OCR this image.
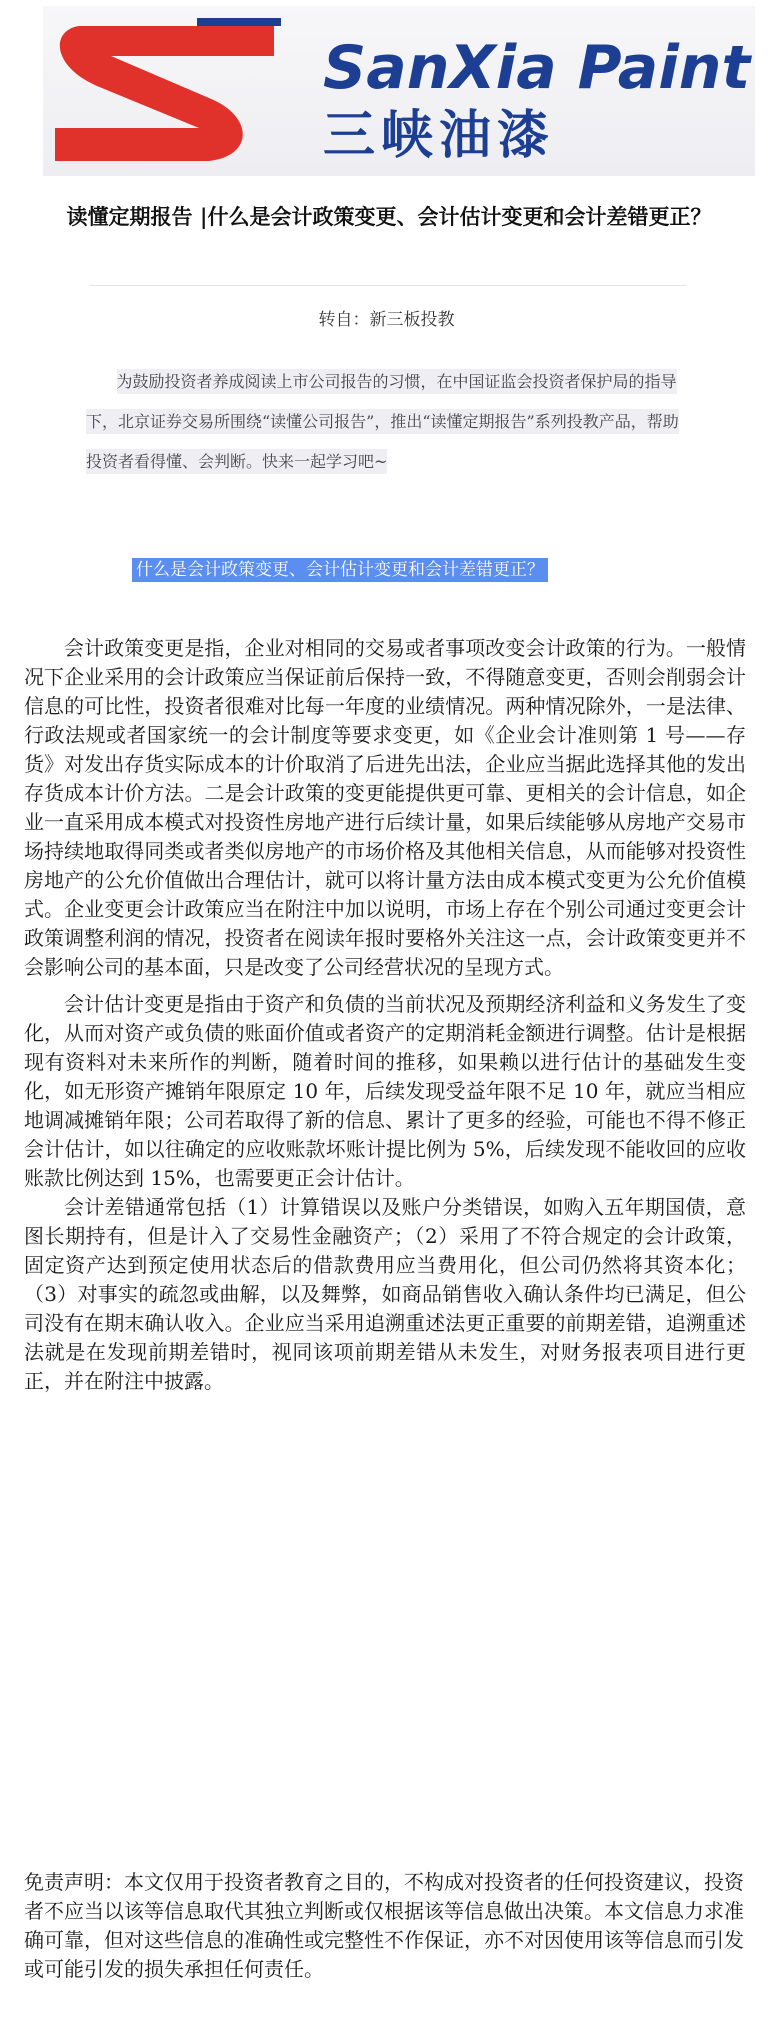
SanXia Paint
三峡油漆
读懂定期报告 |什么是会计政策变更、会计估计变更和会计差错更正？
转自：新三板投教

为鼓励投资者养成阅读上市公司报告的习惯，在中国证监会投资者保护局的指导下，北京证券交易所围绕“读懂公司报告”，推出“读懂定期报告”系列投教产品，帮助投资者看得懂、会判断。快来一起学习吧~

什么是会计政策变更、会计估计变更和会计差错更正？

会计政策变更是指，企业对相同的交易或者事项改变会计政策的行为。一般情况下企业采用的会计政策应当保证前后保持一致，不得随意变更，否则会削弱会计信息的可比性，投资者很难对比每一年度的业绩情况。两种情况除外，一是法律、行政法规或者国家统一的会计制度等要求变更，如《企业会计准则第 1 号——存货》对发出存货实际成本的计价取消了后进先出法，企业应当据此选择其他的发出存货成本计价方法。二是会计政策的变更能提供更可靠、更相关的会计信息，如企业一直采用成本模式对投资性房地产进行后续计量，如果后续能够从房地产交易市场持续地取得同类或者类似房地产的市场价格及其他相关信息，从而能够对投资性房地产的公允价值做出合理估计，就可以将计量方法由成本模式变更为公允价值模式。企业变更会计政策应当在附注中加以说明，市场上存在个别公司通过变更会计政策调整利润的情况，投资者在阅读年报时要格外关注这一点，会计政策变更并不会影响公司的基本面，只是改变了公司经营状况的呈现方式。

会计估计变更是指由于资产和负债的当前状况及预期经济利益和义务发生了变化，从而对资产或负债的账面价值或者资产的定期消耗金额进行调整。估计是根据现有资料对未来所作的判断，随着时间的推移，如果赖以进行估计的基础发生变化，如无形资产摊销年限原定 10 年，后续发现受益年限不足 10 年，就应当相应地调减摊销年限；公司若取得了新的信息、累计了更多的经验，可能也不得不修正会计估计，如以往确定的应收账款坏账计提比例为 5%，后续发现不能收回的应收账款比例达到 15%，也需要更正会计估计。

会计差错通常包括（1）计算错误以及账户分类错误，如购入五年期国债，意图长期持有，但是计入了交易性金融资产；（2）采用了不符合规定的会计政策，固定资产达到预定使用状态后的借款费用应当费用化，但公司仍然将其资本化；（3）对事实的疏忽或曲解，以及舞弊，如商品销售收入确认条件均已满足，但公司没有在期末确认收入。企业应当采用追溯重述法更正重要的前期差错，追溯重述法就是在发现前期差错时，视同该项前期差错从未发生，对财务报表项目进行更正，并在附注中披露。

免责声明：本文仅用于投资者教育之目的，不构成对投资者的任何投资建议，投资者不应当以该等信息取代其独立判断或仅根据该等信息做出决策。本文信息力求准确可靠，但对这些信息的准确性或完整性不作保证，亦不对因使用该等信息而引发或可能引发的损失承担任何责任。
